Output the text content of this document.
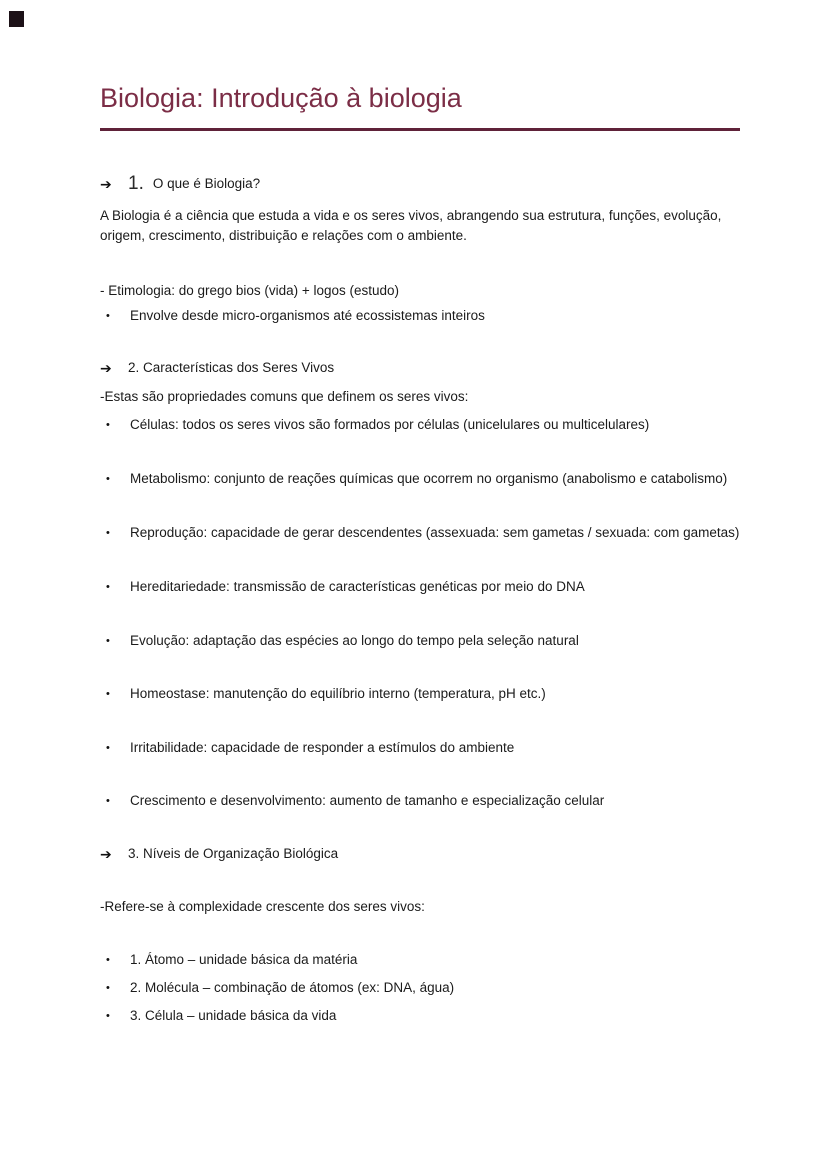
Biologia: Introdução à biologia
➔ 1. O que é Biologia?
A Biologia é a ciência que estuda a vida e os seres vivos, abrangendo sua estrutura, funções, evolução, origem, crescimento, distribuição e relações com o ambiente.
- Etimologia: do grego bios (vida) + logos (estudo)
•	Envolve desde micro-organismos até ecossistemas inteiros
➔	2. Características dos Seres Vivos
-Estas são propriedades comuns que definem os seres vivos:
•	Células: todos os seres vivos são formados por células (unicelulares ou multicelulares)
•	Metabolismo: conjunto de reações químicas que ocorrem no organismo (anabolismo e catabolismo)
•	Reprodução: capacidade de gerar descendentes (assexuada: sem gametas / sexuada: com gametas)
•	Hereditariedade: transmissão de características genéticas por meio do DNA
•	Evolução: adaptação das espécies ao longo do tempo pela seleção natural
•	Homeostase: manutenção do equilíbrio interno (temperatura, pH etc.)
•	Irritabilidade: capacidade de responder a estímulos do ambiente
•	Crescimento e desenvolvimento: aumento de tamanho e especialização celular
➔	3. Níveis de Organização Biológica
-Refere-se à complexidade crescente dos seres vivos:
•	1. Átomo – unidade básica da matéria
•	2. Molécula – combinação de átomos (ex: DNA, água)
•	3. Célula – unidade básica da vida
